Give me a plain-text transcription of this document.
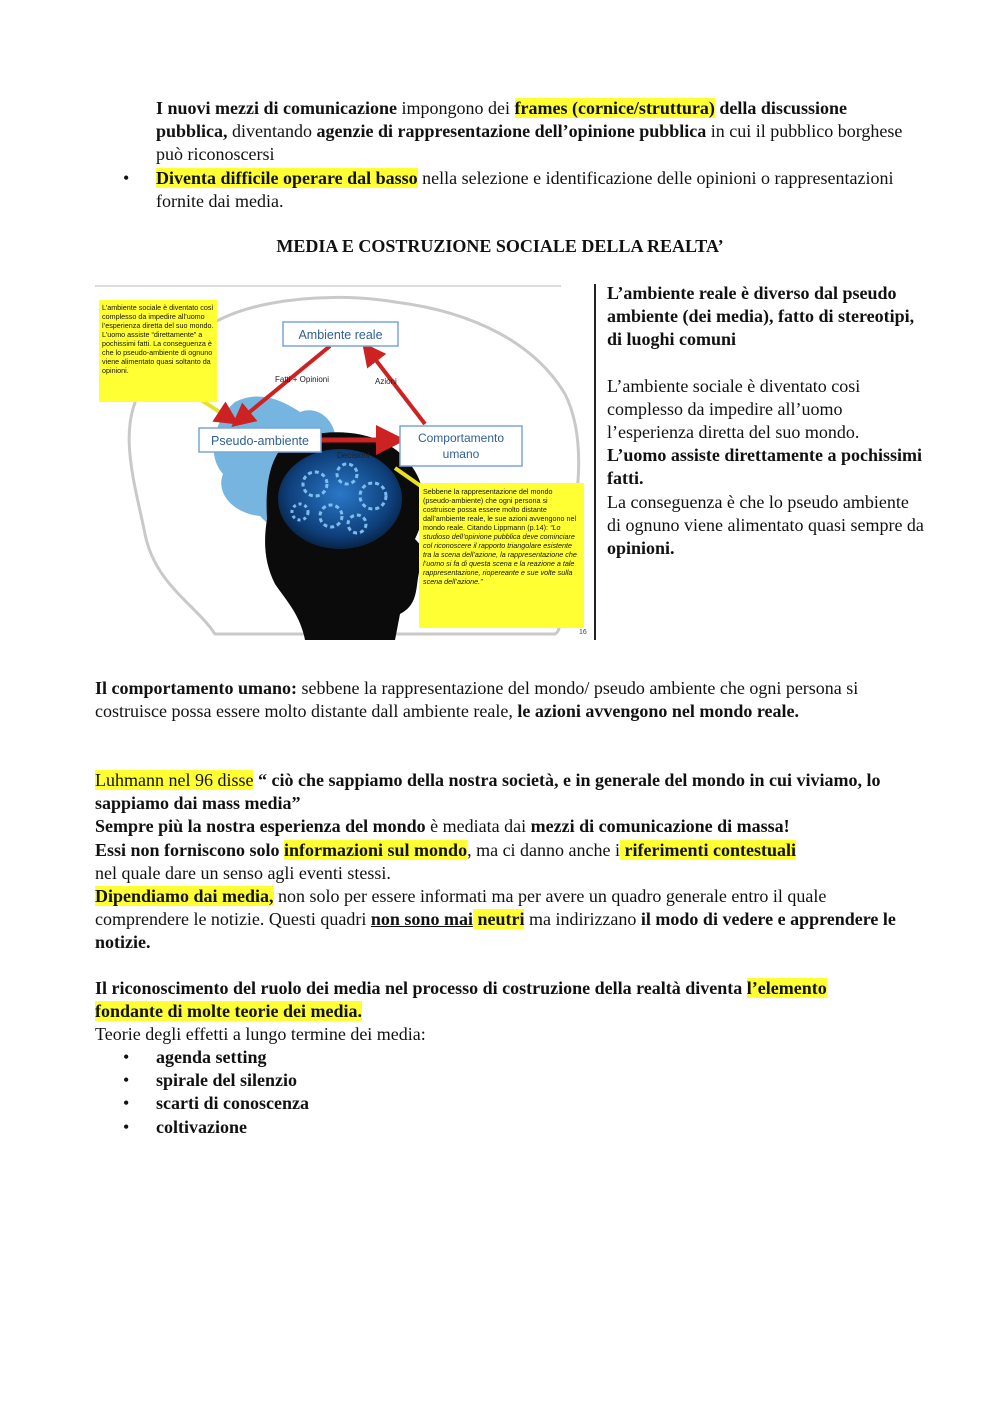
I nuovi mezzi di comunicazione impongono dei frames (cornice/struttura) della discussione pubblica, diventando agenzie di rappresentazione dell’opinione pubblica in cui il pubblico borghese può riconoscersi

• Diventa difficile operare dal basso nella selezione e identificazione delle opinioni o rappresentazioni fornite dai media.

MEDIA E COSTRUZIONE SOCIALE DELLA REALTA’
Ambiente reale
Pseudo-ambiente	Comportamento
umano
Fatti + Opinioni	Azioni
Decisioni
16
L’ambiente sociale è diventato così complesso da impedire all’uomo l’esperienza diretta del suo mondo. L’uomo assiste “direttamente” a pochissimi fatti. La conseguenza è che lo pseudo-ambiente di ognuno viene alimentato quasi soltanto da opinioni.
Sebbene la rappresentazione del mondo (pseudo-ambiente) che ogni persona si costruisce possa essere molto distante dall’ambiente reale, le sue azioni avvengono nel mondo reale. Citando Lippmann (p.14): “Lo studioso dell’opinione pubblica deve cominciare col riconoscere il rapporto triangolare esistente tra la scena dell’azione, la rappresentazione che l’uomo si fa di questa scena e la reazione a tale rappresentazione, riopereante e sue volte sulla scena dell’azione.”

L’ambiente reale è diverso dal pseudo ambiente (dei media), fatto di stereotipi, di luoghi comuni

L’ambiente sociale è diventato cosi complesso da impedire all’uomo l’esperienza diretta del suo mondo.
L’uomo assiste direttamente a pochissimi fatti.
La conseguenza è che lo pseudo ambiente di ognuno viene alimentato quasi sempre da opinioni.

Il comportamento umano: sebbene la rappresentazione del mondo/ pseudo ambiente che ogni persona si costruisce possa essere molto distante dall ambiente reale, le azioni avvengono nel mondo reale.

Luhmann nel 96 disse “ ciò che sappiamo della nostra società, e in generale del mondo in cui viviamo, lo sappiamo dai mass media”
Sempre più la nostra esperienza del mondo è mediata dai mezzi di comunicazione di massa!
Essi non forniscono solo informazioni sul mondo, ma ci danno anche i riferimenti contestuali
nel quale dare un senso agli eventi stessi.
Dipendiamo dai media, non solo per essere informati ma per avere un quadro generale entro il quale comprendere le notizie. Questi quadri non sono mai neutri ma indirizzano il modo di vedere e apprendere le notizie.

Il riconoscimento del ruolo dei media nel processo di costruzione della realtà diventa l’elemento fondante di molte teorie dei media.
Teorie degli effetti a lungo termine dei media:

• agenda setting
• spirale del silenzio
• scarti di conoscenza
• coltivazione
